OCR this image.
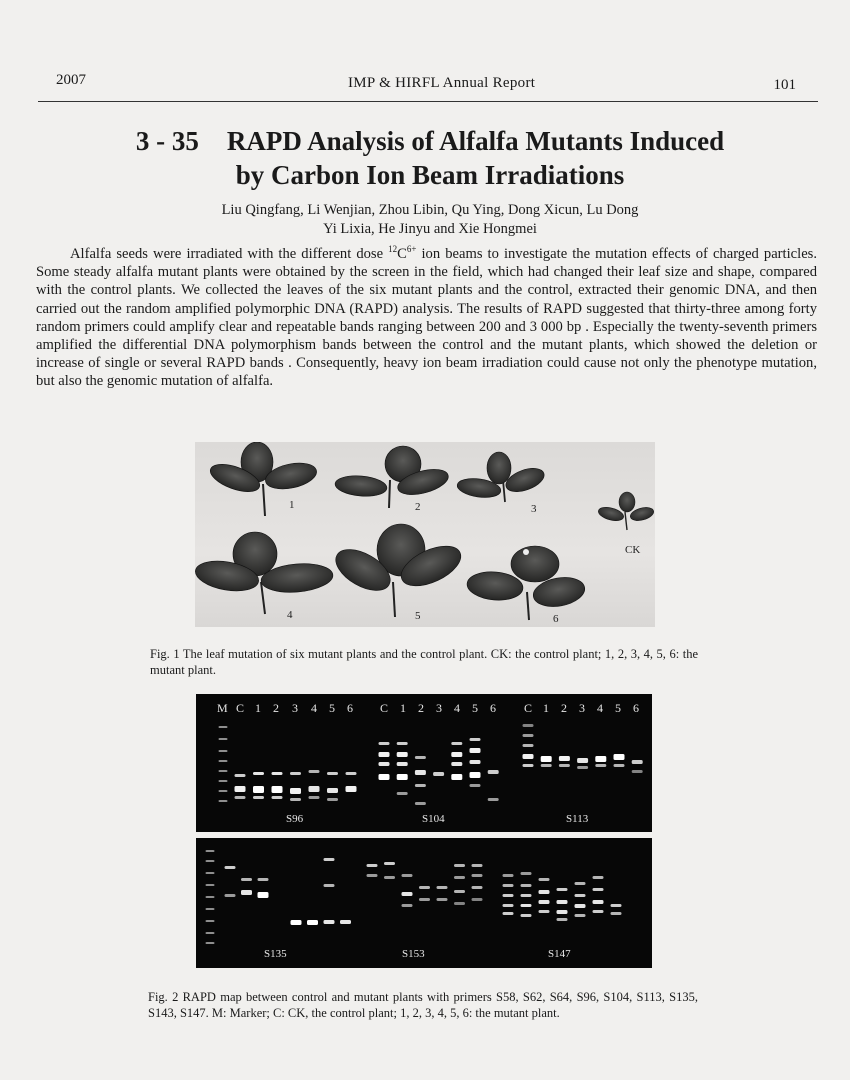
2007	IMP & HIRFL Annual Report	101
3 - 35 RAPD Analysis of Alfalfa Mutants Induced
by Carbon Ion Beam Irradiations
Liu Qingfang, Li Wenjian, Zhou Libin, Qu Ying, Dong Xicun, Lu Dong
Yi Lixia, He Jinyu and Xie Hongmei

Alfalfa seeds were irradiated with the different dose $^{12}C^{6+}$ ion beams to investigate the mutation effects of charged particles. Some steady alfalfa mutant plants were obtained by the screen in the field, which had changed their leaf size and shape, compared with the control plants. We collected the leaves of the six mutant plants and the control, extracted their genomic DNA, and then carried out the random amplified polymorphic DNA (RAPD) analysis. The results of RAPD suggested that thirty-three among forty random primers could amplify clear and repeatable bands ranging between 200 and 3 000 bp . Especially the twenty-seventh primers amplified the differential DNA polymorphism bands between the control and the mutant plants, which showed the deletion or increase of single or several RAPD bands . Consequently, heavy ion beam irradiation could cause not only the phenotype mutation, but also the genomic mutation of alfalfa.

1	2	3
CK
4	5	6
Fig. 1 The leaf mutation of six mutant plants and the control plant. CK: the control plant; 1, 2, 3, 4, 5, 6: the mutant plant.
M C 1 2 3 4 5 6 C 1 2 3 4 5 6 C 1 2 3 4 5 6
S96	S104	S113
S135	S153	S147
Fig. 2 RAPD map between control and mutant plants with primers S58, S62, S64, S96, S104, S113, S135, S143, S147. M: Marker; C: CK, the control plant; 1, 2, 3, 4, 5, 6: the mutant plant.
